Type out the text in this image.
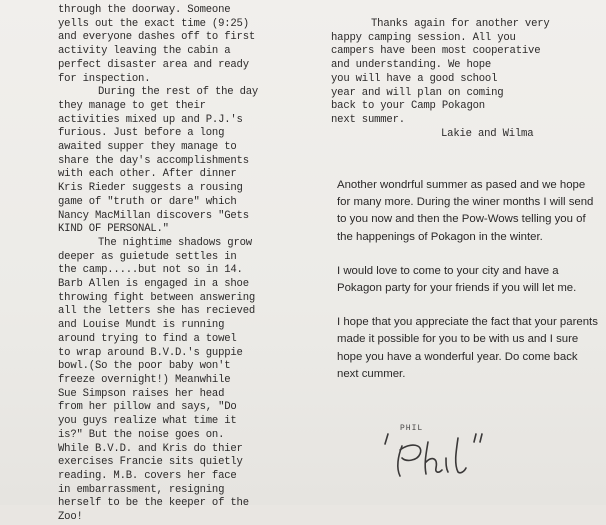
through the doorway. Someone

yells out the exact time (9:25)

and everyone dashes off to first

activity leaving the cabin a

perfect disaster area and ready

for inspection.

During the rest of the day

they manage to get their

activities mixed up and P.J.'s

furious. Just before a long

awaited supper they manage to

share the day's accomplishments

with each other. After dinner

Kris Rieder suggests a rousing

game of "truth or dare" which

Nancy MacMillan discovers "Gets

KIND OF PERSONAL."

The nightime shadows grow

deeper as guietude settles in

the camp.....but not so in 14.

Barb Allen is engaged in a shoe

throwing fight between answering

all the letters she has recieved

and Louise Mundt is running

around trying to find a towel

to wrap around B.V.D.'s guppie

bowl.(So the poor baby won't

freeze overnight!) Meanwhile

Sue Simpson raises her head

from her pillow and says, "Do

you guys realize what time it

is?" But the noise goes on.

While B.V.D. and Kris do thier

exercises Francie sits quietly

reading. M.B. covers her face

in embarrassment, resigning

herself to be the keeper of the

Zoo!

Thanks again for another very

happy camping session. All you

campers have been most cooperative

and understanding. We hope

you will have a good school

year and will plan on coming

back to your Camp Pokagon

next summer.

Lakie and Wilma

Another wondrful summer as pased and we hope for many more. During the winer months I will send to you now and then the Pow-Wows telling you of the happenings of Pokagon in the winter.

I would love to come to your city and have a Pokagon party for your friends if you will let me.

I hope that you appreciate the fact that your parents made it possible for you to be with us and I sure hope you have a wonderful year. Do come back next cummer.

PHIL
